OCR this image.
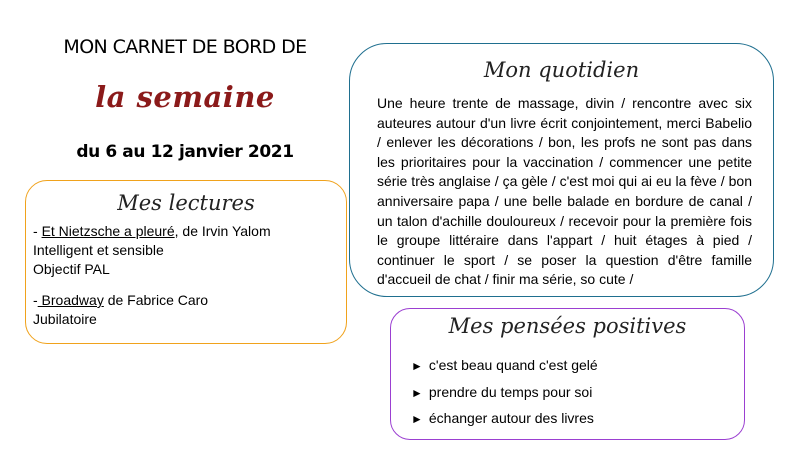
MON CARNET DE BORD DE
la semaine
du 6 au 12 janvier 2021
Mes lectures
- Et Nietzsche a pleuré, de Irvin Yalom
Intelligent et sensible
Objectif PAL
- Broadway de Fabrice Caro
Jubilatoire
Mon quotidien
Une heure trente de massage, divin / rencontre avec six auteures autour d'un livre écrit conjointement, merci Babelio / enlever les décorations / bon, les profs ne sont pas dans les prioritaires pour la vaccination / commencer une petite série très anglaise / ça gèle / c'est moi qui ai eu la fève / bon anniversaire papa / une belle balade en bordure de canal / un talon d'achille douloureux / recevoir pour la première fois le groupe littéraire dans l'appart / huit étages à pied / continuer le sport / se poser la question d'être famille d'accueil de chat / finir ma série, so cute /
Mes pensées positives
► c'est beau quand c'est gelé
► prendre du temps pour soi
► échanger autour des livres
